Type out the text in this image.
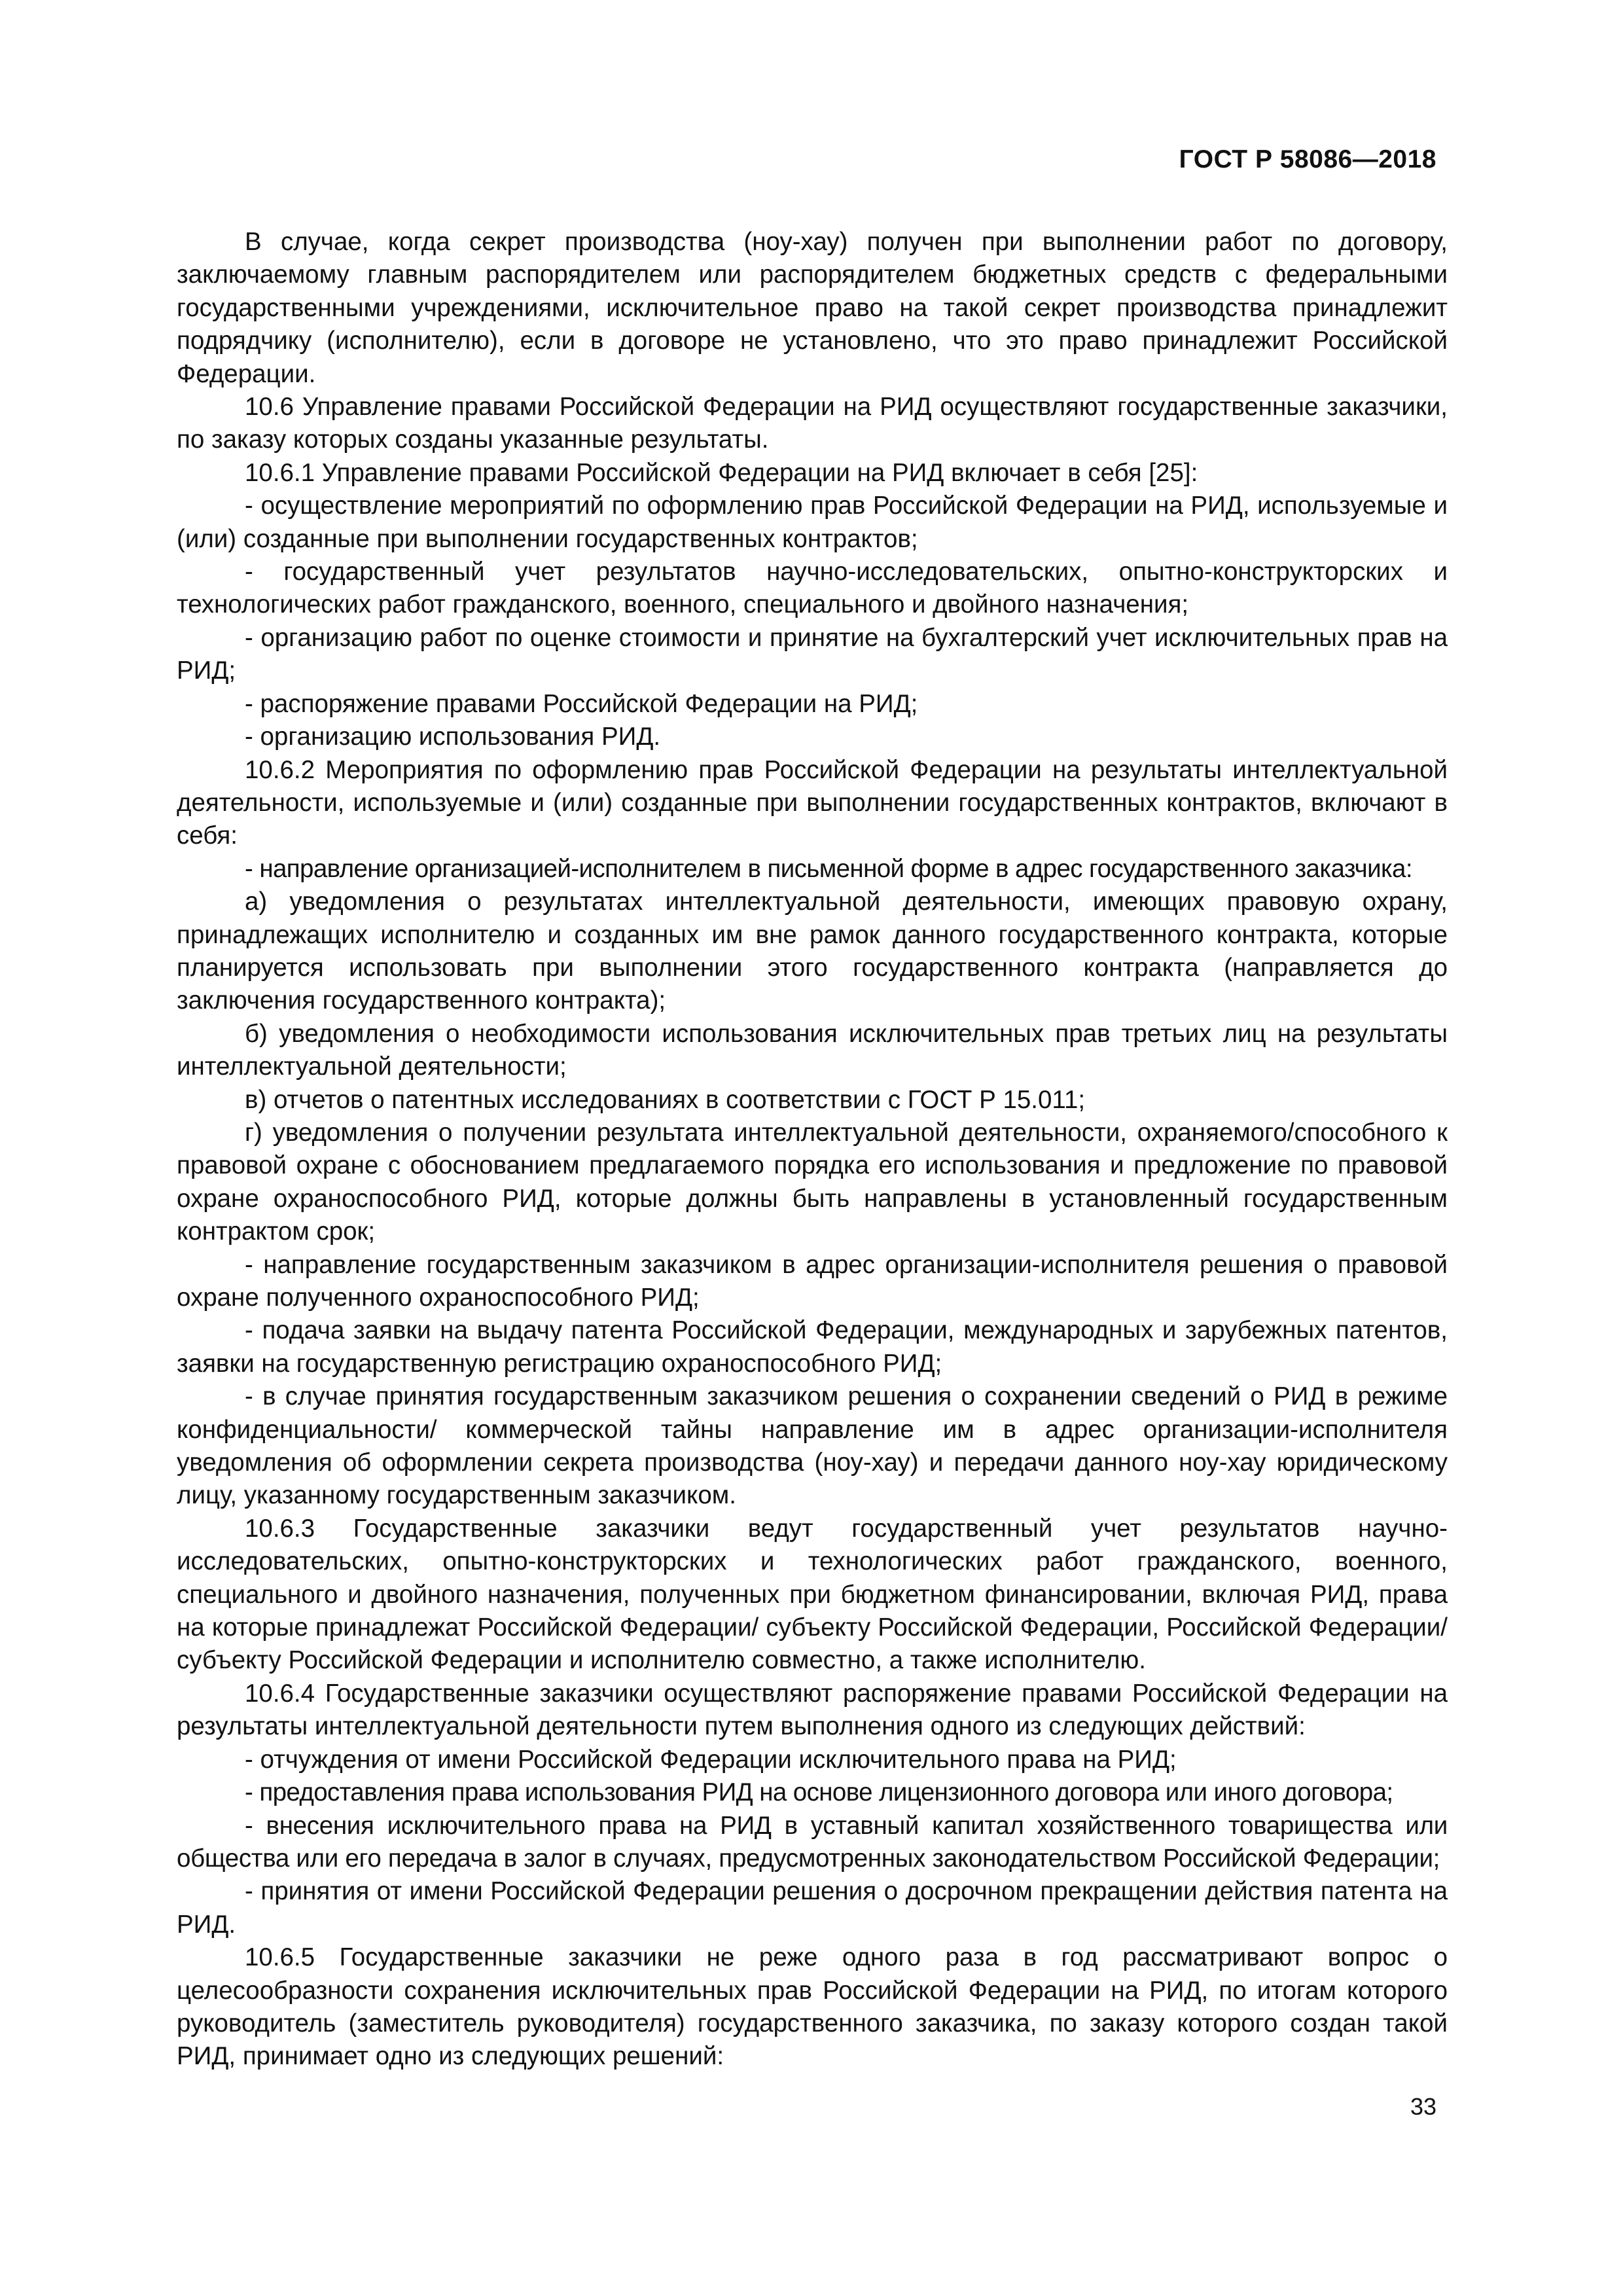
ГОСТ Р 58086—2018

В случае, когда секрет производства (ноу-хау) получен при выполнении работ по договору, заключаемому главным распорядителем или распорядителем бюджетных средств с федеральными государственными учреждениями, исключительное право на такой секрет производства принадлежит подрядчику (исполнителю), если в договоре не установлено, что это право принадлежит Российской Федерации.

10.6 Управление правами Российской Федерации на РИД осуществляют государственные заказчики, по заказу которых созданы указанные результаты.

10.6.1 Управление правами Российской Федерации на РИД включает в себя [25]:

- осуществление мероприятий по оформлению прав Российской Федерации на РИД, используемые и (или) созданные при выполнении государственных контрактов;

- государственный учет результатов научно-исследовательских, опытно-конструкторских и технологических работ гражданского, военного, специального и двойного назначения;

- организацию работ по оценке стоимости и принятие на бухгалтерский учет исключительных прав на РИД;

- распоряжение правами Российской Федерации на РИД;

- организацию использования РИД.

10.6.2 Мероприятия по оформлению прав Российской Федерации на результаты интеллектуальной деятельности, используемые и (или) созданные при выполнении государственных контрактов, включают в себя:

- направление организацией-исполнителем в письменной форме в адрес государственного заказчика:

а) уведомления о результатах интеллектуальной деятельности, имеющих правовую охрану, принадлежащих исполнителю и созданных им вне рамок данного государственного контракта, которые планируется использовать при выполнении этого государственного контракта (направляется до заключения государственного контракта);

б) уведомления о необходимости использования исключительных прав третьих лиц на результаты интеллектуальной деятельности;

в) отчетов о патентных исследованиях в соответствии с ГОСТ Р 15.011;

г) уведомления о получении результата интеллектуальной деятельности, охраняемого/способного к правовой охране с обоснованием предлагаемого порядка его использования и предложение по правовой охране охраноспособного РИД, которые должны быть направлены в установленный государственным контрактом срок;

- направление государственным заказчиком в адрес организации-исполнителя решения о правовой охране полученного охраноспособного РИД;

- подача заявки на выдачу патента Российской Федерации, международных и зарубежных патентов, заявки на государственную регистрацию охраноспособного РИД;

- в случае принятия государственным заказчиком решения о сохранении сведений о РИД в режиме конфиденциальности/ коммерческой тайны направление им в адрес организации-исполнителя уведомления об оформлении секрета производства (ноу-хау) и передачи данного ноу-хау юридическому лицу, указанному государственным заказчиком.

10.6.3 Государственные заказчики ведут государственный учет результатов научно-исследовательских, опытно-конструкторских и технологических работ гражданского, военного, специального и двойного назначения, полученных при бюджетном финансировании, включая РИД, права на которые принадлежат Российской Федерации/ субъекту Российской Федерации, Российской Федерации/ субъекту Российской Федерации и исполнителю совместно, а также исполнителю.

10.6.4 Государственные заказчики осуществляют распоряжение правами Российской Федерации на результаты интеллектуальной деятельности путем выполнения одного из следующих действий:

- отчуждения от имени Российской Федерации исключительного права на РИД;

- предоставления права использования РИД на основе лицензионного договора или иного договора;

- внесения исключительного права на РИД в уставный капитал хозяйственного товарищества или общества или его передача в залог в случаях, предусмотренных законодательством Российской Федерации;

- принятия от имени Российской Федерации решения о досрочном прекращении действия патента на РИД.

10.6.5 Государственные заказчики не реже одного раза в год рассматривают вопрос о целесообразности сохранения исключительных прав Российской Федерации на РИД, по итогам которого руководитель (заместитель руководителя) государственного заказчика, по заказу которого создан такой РИД, принимает одно из следующих решений:

33
